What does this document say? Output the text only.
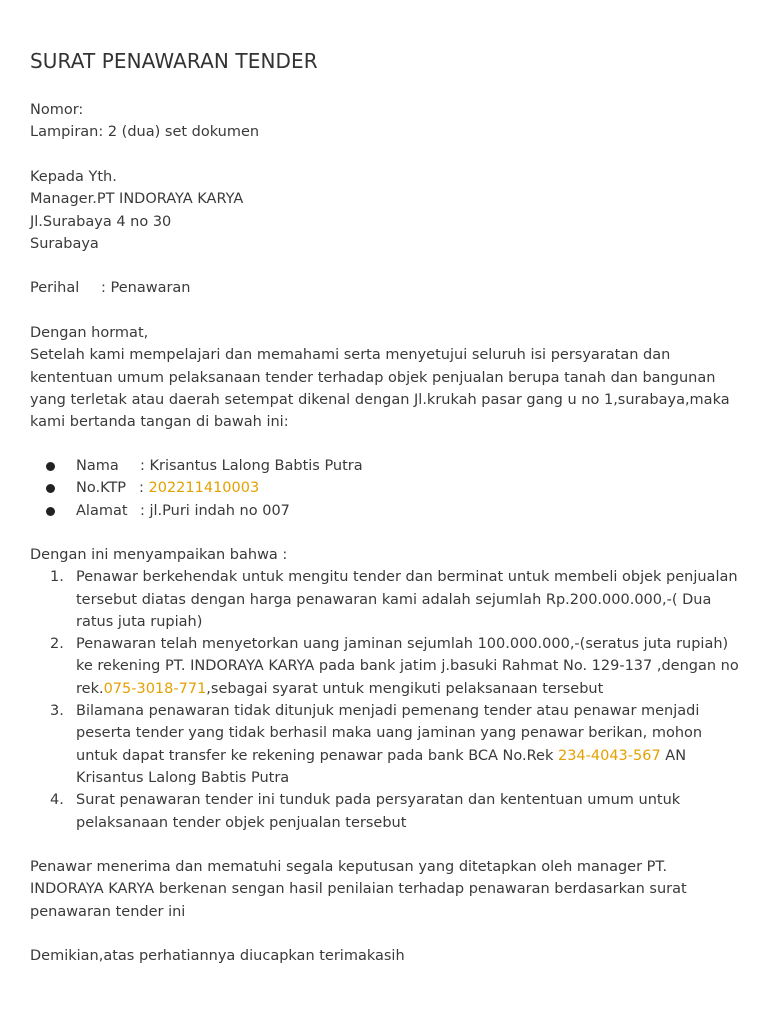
SURAT PENAWARAN TENDER
Nomor:
Lampiran: 2 (dua) set dokumen
Kepada Yth.
Manager.PT INDORAYA KARYA
Jl.Surabaya 4 no 30
Surabaya
Perihal : Penawaran
Dengan hormat,
Setelah kami mempelajari dan memahami serta menyetujui seluruh isi persyaratan dan kententuan umum pelaksanaan tender terhadap objek penjualan berupa tanah dan bangunan yang terletak atau daerah setempat dikenal dengan Jl.krukah pasar gang u no 1,surabaya,maka kami bertanda tangan di bawah ini:
Nama : Krisantus Lalong Babtis Putra
No.KTP : 202211410003
Alamat : jl.Puri indah no 007
Dengan ini menyampaikan bahwa :
1. Penawar berkehendak untuk mengitu tender dan berminat untuk membeli objek penjualan tersebut diatas dengan harga penawaran kami adalah sejumlah Rp.200.000.000,-( Dua ratus juta rupiah)
2. Penawaran telah menyetorkan uang jaminan sejumlah 100.000.000,-(seratus juta rupiah) ke rekening PT. INDORAYA KARYA pada bank jatim j.basuki Rahmat No. 129-137 ,dengan no rek.075-3018-771,sebagai syarat untuk mengikuti pelaksanaan tersebut
3. Bilamana penawaran tidak ditunjuk menjadi pemenang tender atau penawar menjadi peserta tender yang tidak berhasil maka uang jaminan yang penawar berikan, mohon untuk dapat transfer ke rekening penawar pada bank BCA No.Rek 234-4043-567 AN Krisantus Lalong Babtis Putra
4. Surat penawaran tender ini tunduk pada persyaratan dan kententuan umum untuk pelaksanaan tender objek penjualan tersebut
Penawar menerima dan mematuhi segala keputusan yang ditetapkan oleh manager PT. INDORAYA KARYA berkenan sengan hasil penilaian terhadap penawaran berdasarkan surat penawaran tender ini
Demikian,atas perhatiannya diucapkan terimakasih
